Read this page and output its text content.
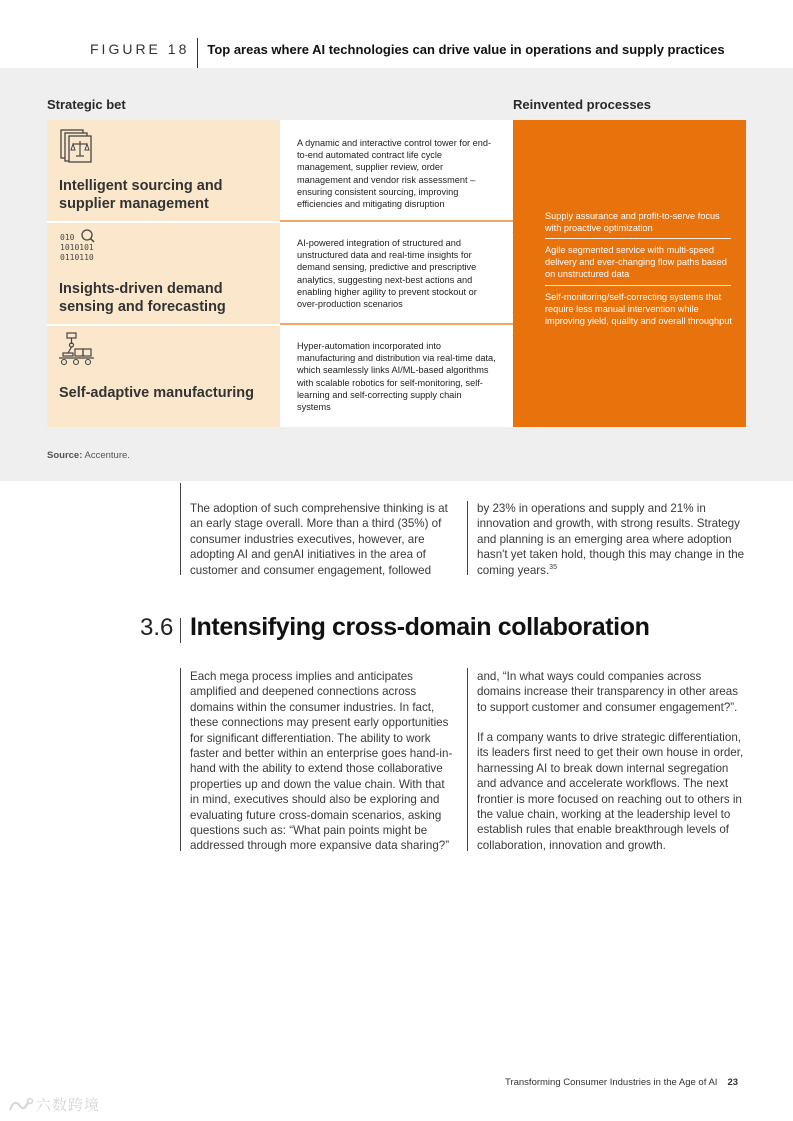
FIGURE 18 Top areas where AI technologies can drive value in operations and supply practices
Strategic bet	Reinvented processes
Intelligent sourcing and supplier management
010
1010101
0110110
Insights-driven demand sensing and forecasting
Self-adaptive manufacturing
A dynamic and interactive control tower for end-to-end automated contract life cycle management, supplier review, order management and vendor risk assessment – ensuring consistent sourcing, improving efficiencies and mitigating disruption
AI-powered integration of structured and unstructured data and real-time insights for demand sensing, predictive and prescriptive analytics, suggesting next-best actions and enabling higher agility to prevent stockout or over-production scenarios
Hyper-automation incorporated into manufacturing and distribution via real-time data, which seamlessly links AI/ML-based algorithms with scalable robotics for self-monitoring, self-learning and self-correcting supply chain systems
Supply assurance and profit-to-serve focus with proactive optimization
Agile segmented service with multi-speed delivery and ever-changing flow paths based on unstructured data
Self-monitoring/self-correcting systems that require less manual intervention while improving yield, quality and overall throughput
Source: Accenture.
The adoption of such comprehensive thinking is at an early stage overall. More than a third (35%) of consumer industries executives, however, are adopting AI and genAI initiatives in the area of customer and consumer engagement, followed
by 23% in operations and supply and 21% in innovation and growth, with strong results. Strategy and planning is an emerging area where adoption hasn't yet taken hold, though this may change in the coming years.$^{35}$
3.6 Intensifying cross-domain collaboration
Each mega process implies and anticipates amplified and deepened connections across domains within the consumer industries. In fact, these connections may present early opportunities for significant differentiation. The ability to work faster and better within an enterprise goes hand-in-hand with the ability to extend those collaborative properties up and down the value chain. With that in mind, executives should also be exploring and evaluating future cross-domain scenarios, asking questions such as: “What pain points might be addressed through more expansive data sharing?”
and, “In what ways could companies across domains increase their transparency in other areas to support customer and consumer engagement?”.
If a company wants to drive strategic differentiation, its leaders first need to get their own house in order, harnessing AI to break down internal segregation and advance and accelerate workflows. The next frontier is more focused on reaching out to others in the value chain, working at the leadership level to establish rules that enable breakthrough levels of collaboration, innovation and growth.
Transforming Consumer Industries in the Age of AI 23
六数跨境
